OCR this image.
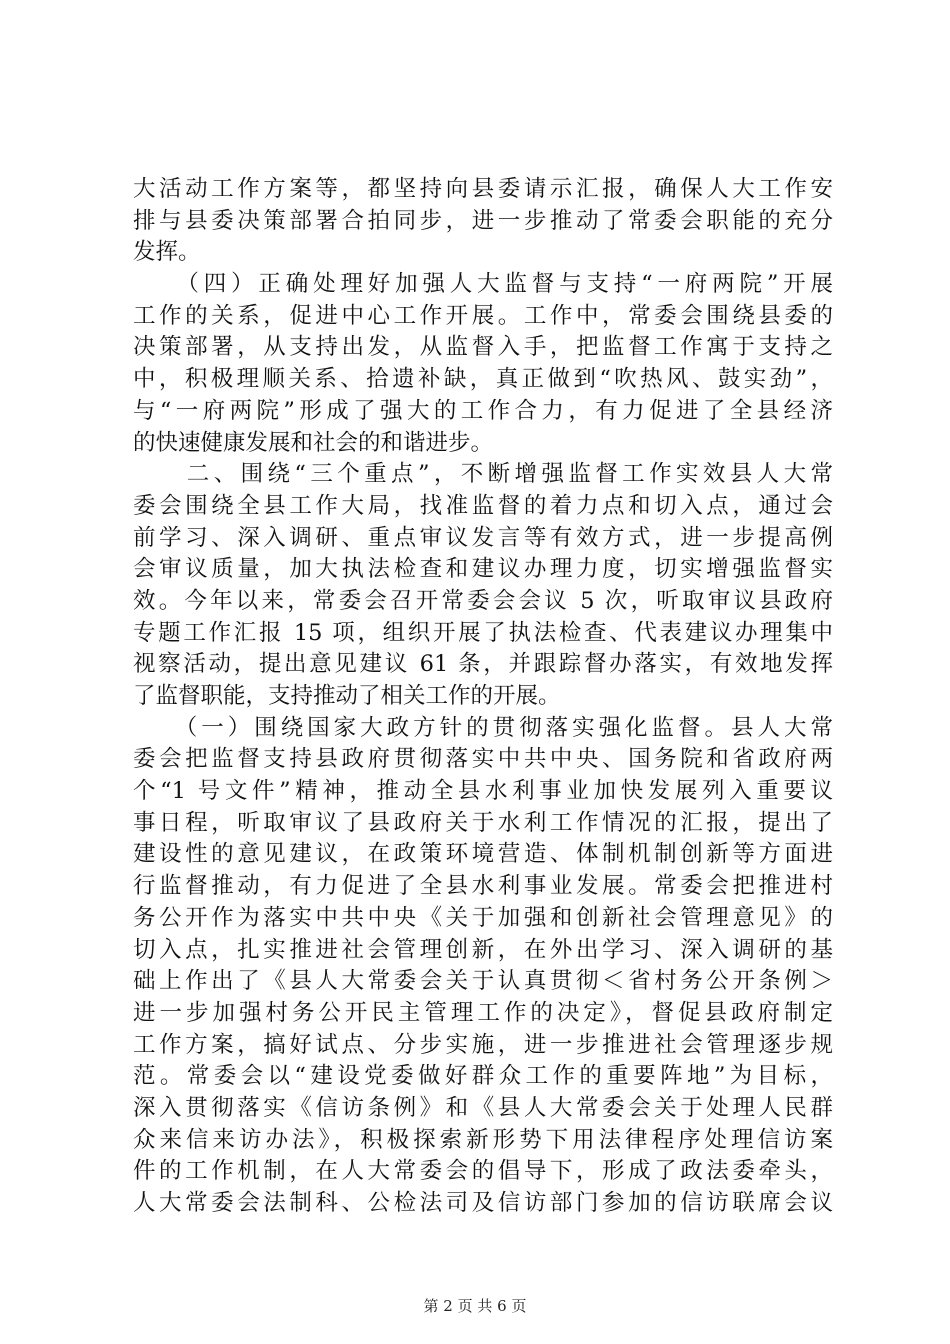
大活动工作方案等，都坚持向县委请示汇报，确保人大工作安
排与县委决策部署合拍同步，进一步推动了常委会职能的充分
发挥。
　　（四）正确处理好加强人大监督与支持“一府两院”开展
工作的关系，促进中心工作开展。工作中，常委会围绕县委的
决策部署，从支持出发，从监督入手，把监督工作寓于支持之
中，积极理顺关系、拾遗补缺，真正做到“吹热风、鼓实劲”，
与“一府两院”形成了强大的工作合力，有力促进了全县经济
的快速健康发展和社会的和谐进步。
　　二、围绕“三个重点”，不断增强监督工作实效县人大常
委会围绕全县工作大局，找准监督的着力点和切入点，通过会
前学习、深入调研、重点审议发言等有效方式，进一步提高例
会审议质量，加大执法检查和建议办理力度，切实增强监督实
效。今年以来，常委会召开常委会会议 5 次，听取审议县政府
专题工作汇报 15 项，组织开展了执法检查、代表建议办理集中
视察活动，提出意见建议 61 条，并跟踪督办落实，有效地发挥
了监督职能，支持推动了相关工作的开展。
　　（一）围绕国家大政方针的贯彻落实强化监督。县人大常
委会把监督支持县政府贯彻落实中共中央、国务院和省政府两
个“1 号文件”精神，推动全县水利事业加快发展列入重要议
事日程，听取审议了县政府关于水利工作情况的汇报，提出了
建设性的意见建议，在政策环境营造、体制机制创新等方面进
行监督推动，有力促进了全县水利事业发展。常委会把推进村
务公开作为落实中共中央《关于加强和创新社会管理意见》的
切入点，扎实推进社会管理创新，在外出学习、深入调研的基
础上作出了《县人大常委会关于认真贯彻＜省村务公开条例＞
进一步加强村务公开民主管理工作的决定》，督促县政府制定
工作方案，搞好试点、分步实施，进一步推进社会管理逐步规
范。常委会以“建设党委做好群众工作的重要阵地”为目标，
深入贯彻落实《信访条例》和《县人大常委会关于处理人民群
众来信来访办法》，积极探索新形势下用法律程序处理信访案
件的工作机制，在人大常委会的倡导下，形成了政法委牵头，
人大常委会法制科、公检法司及信访部门参加的信访联席会议
第 2 页 共 6 页
